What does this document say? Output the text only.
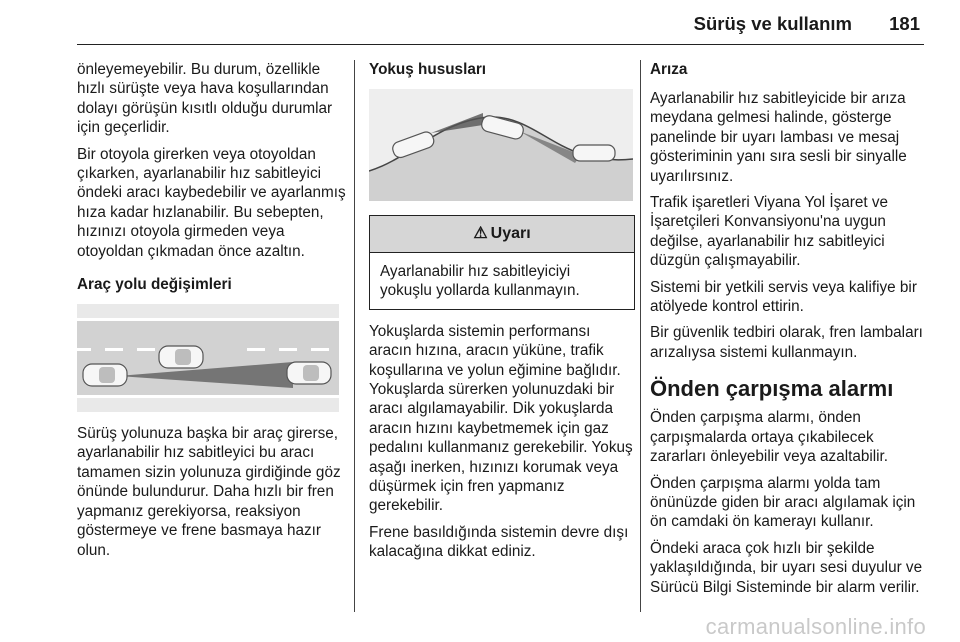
Sürüş ve kullanım 181

önleyemeyebilir. Bu durum, özellikle hızlı sürüşte veya hava koşullarından dolayı görüşün kısıtlı olduğu durumlar için geçerlidir.

Bir otoyola girerken veya otoyoldan çıkarken, ayarlanabilir hız sabitleyici öndeki aracı kaybedebilir ve ayarlanmış hıza kadar hızlanabilir. Bu sebepten, hızınızı otoyola girmeden veya otoyoldan çıkmadan önce azaltın.

Araç yolu değişimleri

Sürüş yolunuza başka bir araç girerse, ayarlanabilir hız sabitleyici bu aracı tamamen sizin yolunuza girdiğinde göz önünde bulundurur. Daha hızlı bir fren yapmanız gerekiyorsa, reaksiyon göstermeye ve frene basmaya hazır olun.

Yokuş hususları
⚠ Uyarı
Ayarlanabilir hız sabitleyiciyi yokuşlu yollarda kullanmayın.

Yokuşlarda sistemin performansı aracın hızına, aracın yüküne, trafik koşullarına ve yolun eğimine bağlıdır. Yokuşlarda sürerken yolunuzdaki bir aracı algılamayabilir. Dik yokuşlarda aracın hızını kaybetmemek için gaz pedalını kullanmanız gerekebilir. Yokuş aşağı inerken, hızınızı korumak veya düşürmek için fren yapmanız gerekebilir.

Frene basıldığında sistemin devre dışı kalacağına dikkat ediniz.

Arıza

Ayarlanabilir hız sabitleyicide bir arıza meydana gelmesi halinde, gösterge panelinde bir uyarı lambası ve mesaj gösteriminin yanı sıra sesli bir sinyalle uyarılırsınız.

Trafik işaretleri Viyana Yol İşaret ve İşaretçileri Konvansiyonu'na uygun değilse, ayarlanabilir hız sabitleyici düzgün çalışmayabilir.

Sistemi bir yetkili servis veya kalifiye bir atölyede kontrol ettirin.

Bir güvenlik tedbiri olarak, fren lambaları arızalıysa sistemi kullanmayın.

Önden çarpışma alarmı

Önden çarpışma alarmı, önden çarpışmalarda ortaya çıkabilecek zararları önleyebilir veya azaltabilir.

Önden çarpışma alarmı yolda tam önünüzde giden bir aracı algılamak için ön camdaki ön kamerayı kullanır.

Öndeki araca çok hızlı bir şekilde yaklaşıldığında, bir uyarı sesi duyulur ve Sürücü Bilgi Sisteminde bir alarm verilir.

carmanualsonline.info
